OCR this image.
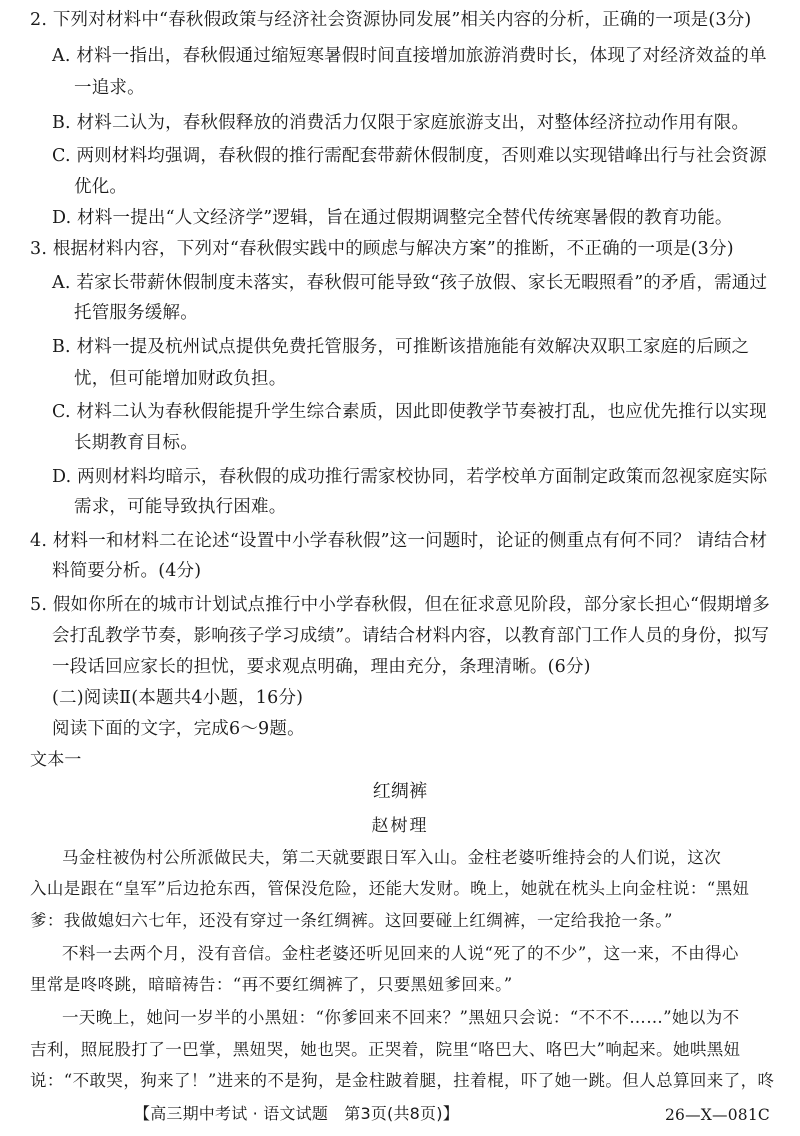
2. 下列对材料中“春秋假政策与经济社会资源协同发展”相关内容的分析，正确的一项是(3分)
A. 材料一指出，春秋假通过缩短寒暑假时间直接增加旅游消费时长，体现了对经济效益的单
一追求。
B. 材料二认为，春秋假释放的消费活力仅限于家庭旅游支出，对整体经济拉动作用有限。
C. 两则材料均强调，春秋假的推行需配套带薪休假制度，否则难以实现错峰出行与社会资源
优化。
D. 材料一提出“人文经济学”逻辑，旨在通过假期调整完全替代传统寒暑假的教育功能。
3. 根据材料内容，下列对“春秋假实践中的顾虑与解决方案”的推断，不正确的一项是(3分)
A. 若家长带薪休假制度未落实，春秋假可能导致“孩子放假、家长无暇照看”的矛盾，需通过
托管服务缓解。
B. 材料一提及杭州试点提供免费托管服务，可推断该措施能有效解决双职工家庭的后顾之
忧，但可能增加财政负担。
C. 材料二认为春秋假能提升学生综合素质，因此即使教学节奏被打乱，也应优先推行以实现
长期教育目标。
D. 两则材料均暗示，春秋假的成功推行需家校协同，若学校单方面制定政策而忽视家庭实际
需求，可能导致执行困难。
4. 材料一和材料二在论述“设置中小学春秋假”这一问题时，论证的侧重点有何不同？ 请结合材
料简要分析。(4分)
5. 假如你所在的城市计划试点推行中小学春秋假，但在征求意见阶段，部分家长担心“假期增多
会打乱教学节奏，影响孩子学习成绩”。请结合材料内容，以教育部门工作人员的身份，拟写
一段话回应家长的担忧，要求观点明确，理由充分，条理清晰。(6分)
(二)阅读Ⅱ(本题共4小题，16分)
阅读下面的文字，完成6～9题。
文本一
红绸裤
赵树理
马金柱被伪村公所派做民夫，第二天就要跟日军入山。金柱老婆听维持会的人们说，这次
入山是跟在“皇军”后边抢东西，管保没危险，还能大发财。晚上，她就在枕头上向金柱说：“黑妞
爹：我做媳妇六七年，还没有穿过一条红绸裤。这回要碰上红绸裤，一定给我抢一条。”
不料一去两个月，没有音信。金柱老婆还听见回来的人说“死了的不少”，这一来，不由得心
里常是咚咚跳，暗暗祷告：“再不要红绸裤了，只要黑妞爹回来。”
一天晚上，她问一岁半的小黑妞：“你爹回来不回来？”黑妞只会说：“不不不……”她以为不
吉利，照屁股打了一巴掌，黑妞哭，她也哭。正哭着，院里“咯巴大、咯巴大”响起来。她哄黑妞
说：“不敢哭，狗来了！”进来的不是狗，是金柱跛着腿，拄着棍，吓了她一跳。但人总算回来了，咚
【高三期中考试 · 语文试题　第3页(共8页)】	26—X—081C
